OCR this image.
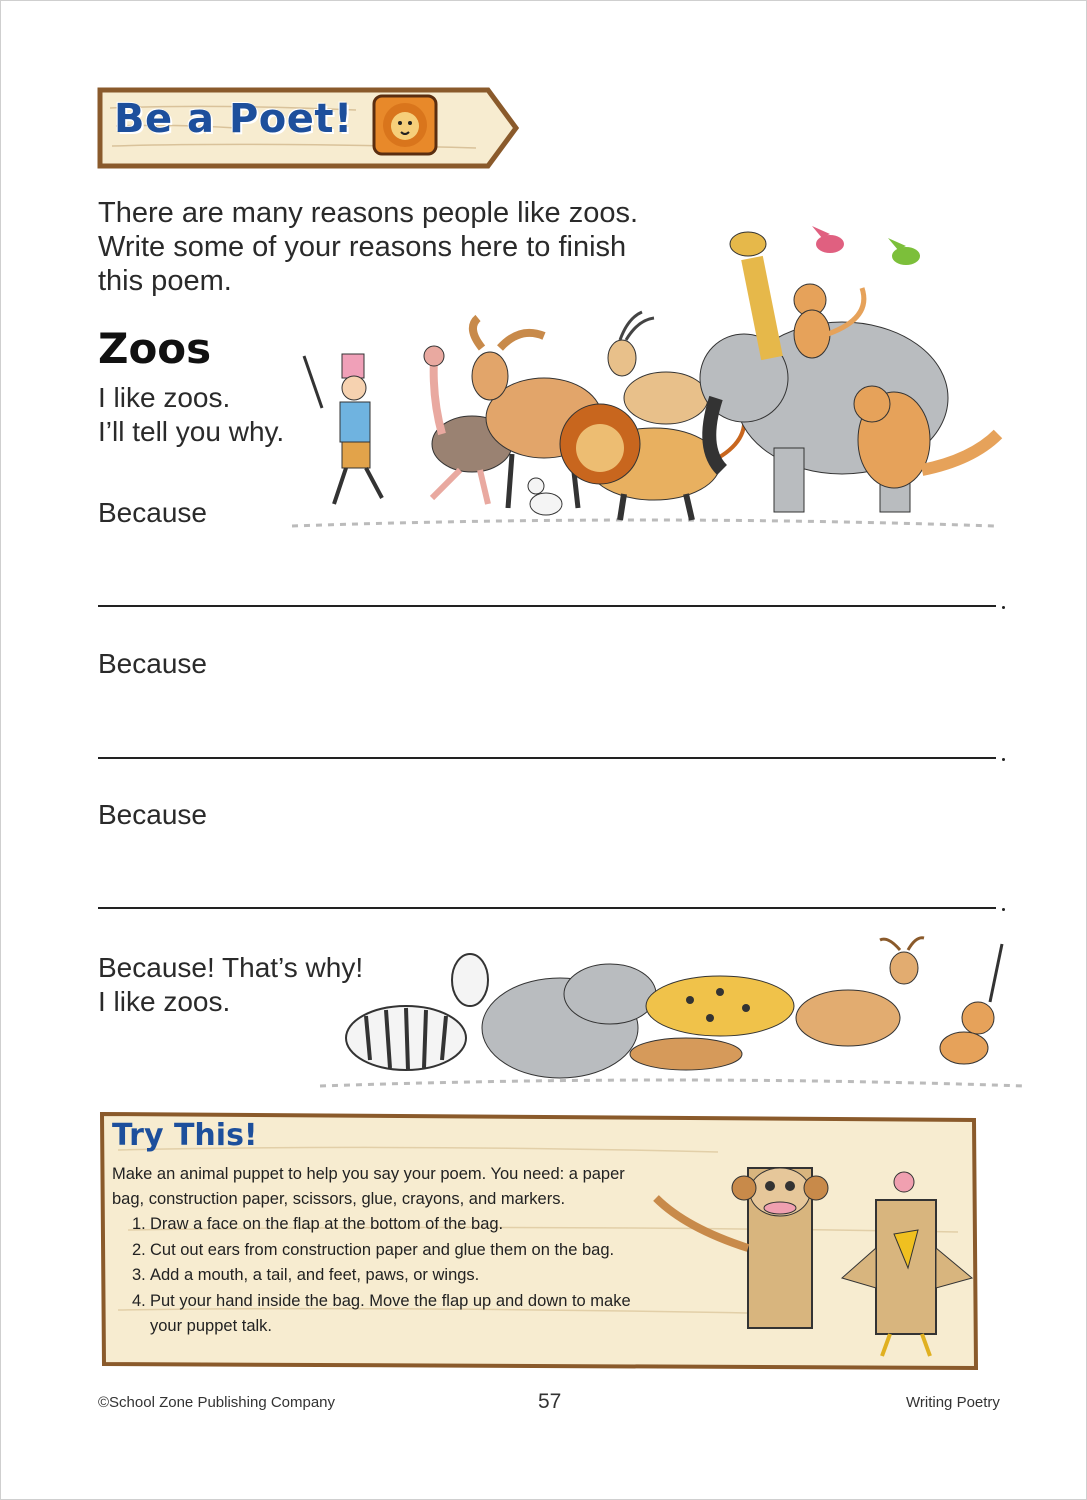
Be a Poet!
There are many reasons people like zoos.
Write some of your reasons here to finish
this poem.
Zoos
I like zoos.
I’ll tell you why.
Because
Because
Because
Because! That’s why!
I like zoos.
Try This!
Make an animal puppet to help you say your poem. You need: a paper bag, construction paper, scissors, glue, crayons, and markers.
1. Draw a face on the flap at the bottom of the bag.
2. Cut out ears from construction paper and glue them on the bag.
3. Add a mouth, a tail, and feet, paws, or wings.
4. Put your hand inside the bag. Move the flap up and down to make your puppet talk.
©School Zone Publishing Company	57	Writing Poetry
